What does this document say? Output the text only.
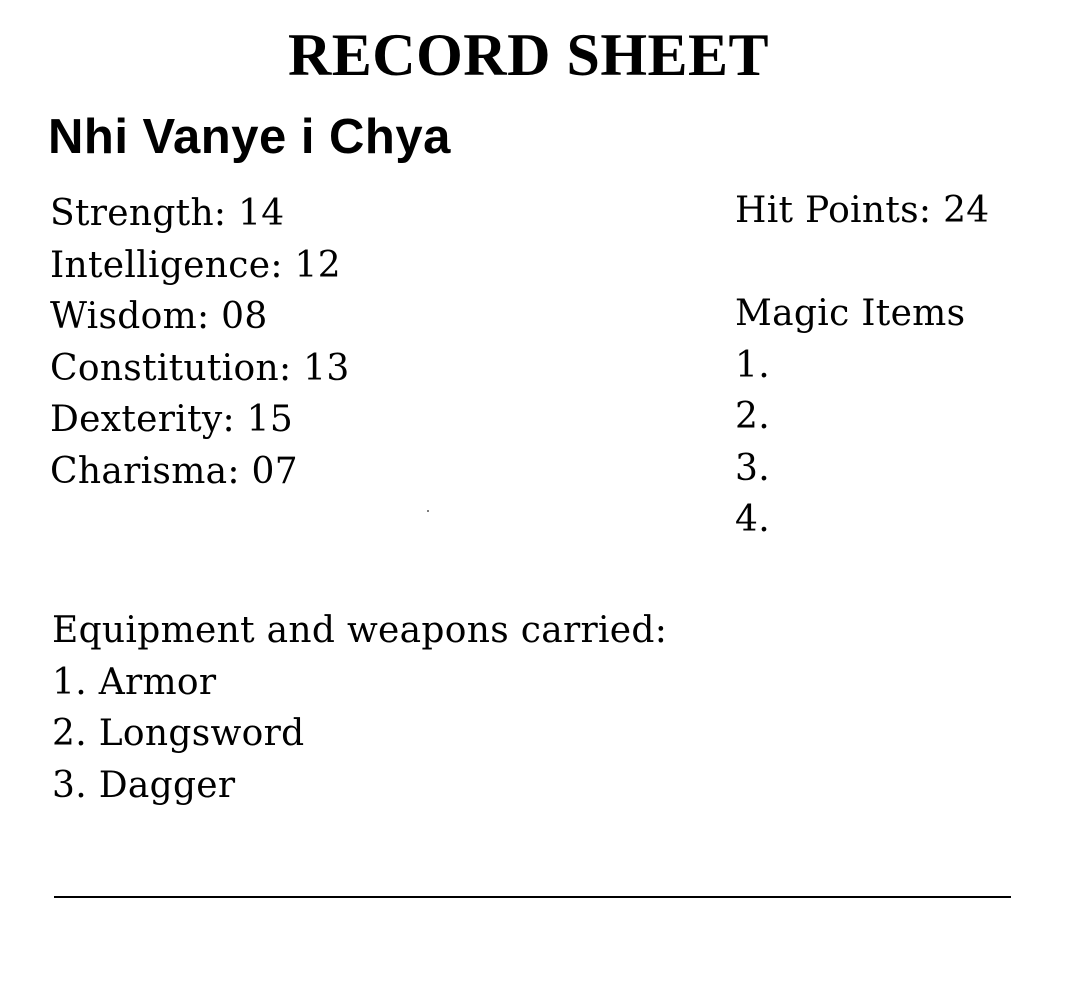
RECORD SHEET
Nhi Vanye i Chya
Strength: 14
Intelligence: 12
Wisdom: 08
Constitution: 13
Dexterity: 15
Charisma: 07
Hit Points: 24
Magic Items
1.
2.
3.
4.
Equipment and weapons carried:
1. Armor
2. Longsword
3. Dagger
